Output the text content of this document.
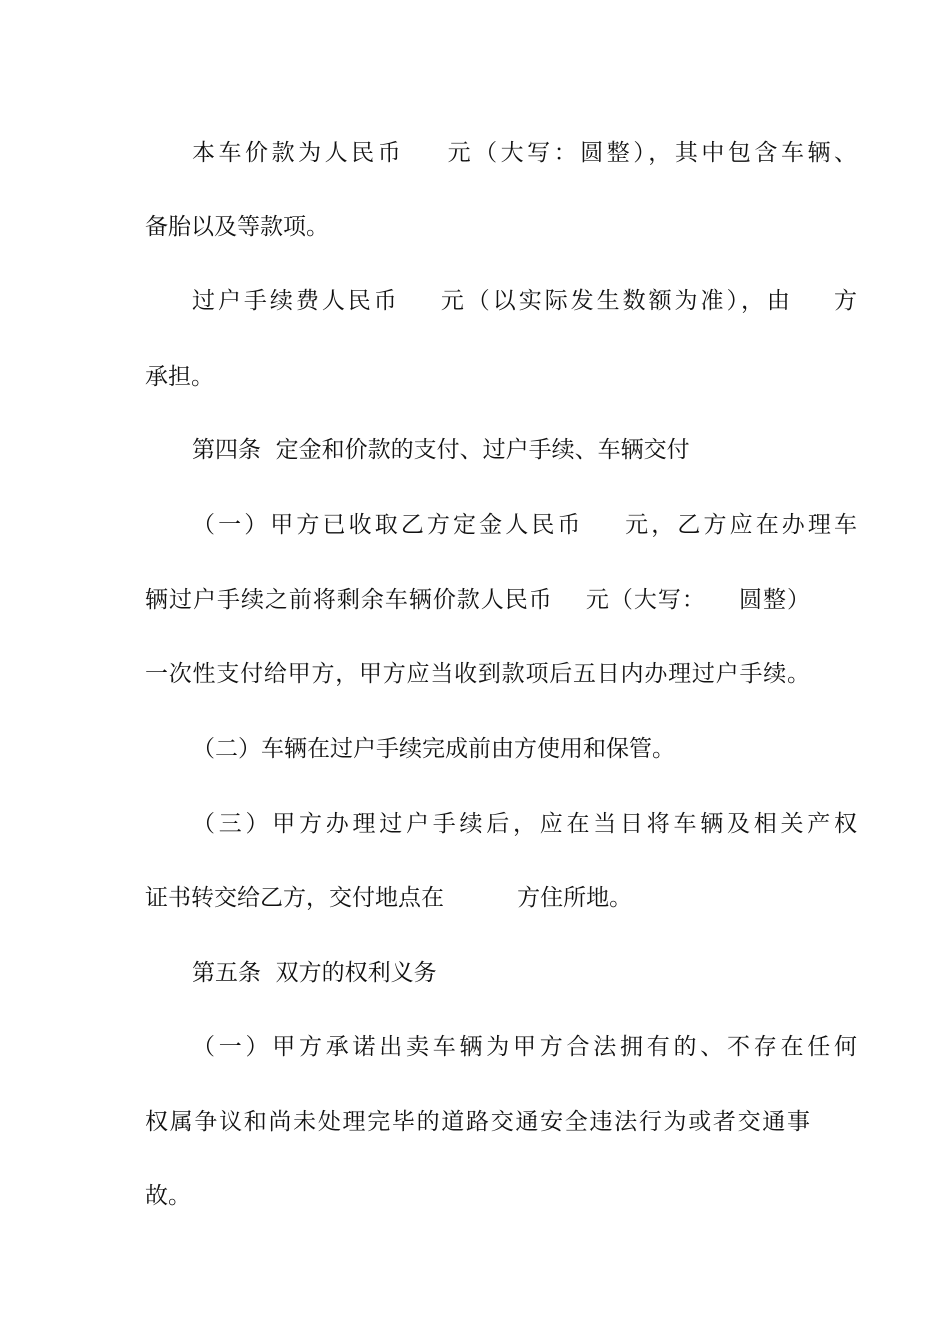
本车价款为人民币    元（大写：圆整），其中包含车辆、
备胎以及等款项。
过户手续费人民币    元（以实际发生数额为准），由    方
承担。
第四条  定金和价款的支付、过户手续、车辆交付
（一）甲方已收取乙方定金人民币    元，乙方应在办理车
辆过户手续之前将剩余车辆价款人民币    元（大写：    圆整）
一次性支付给甲方，甲方应当收到款项后五日内办理过户手续。
（二）车辆在过户手续完成前由方使用和保管。
（三）甲方办理过户手续后，应在当日将车辆及相关产权
证书转交给乙方，交付地点在          方住所地。
第五条  双方的权利义务
（一）甲方承诺出卖车辆为甲方合法拥有的、不存在任何
权属争议和尚未处理完毕的道路交通安全违法行为或者交通事
故。
